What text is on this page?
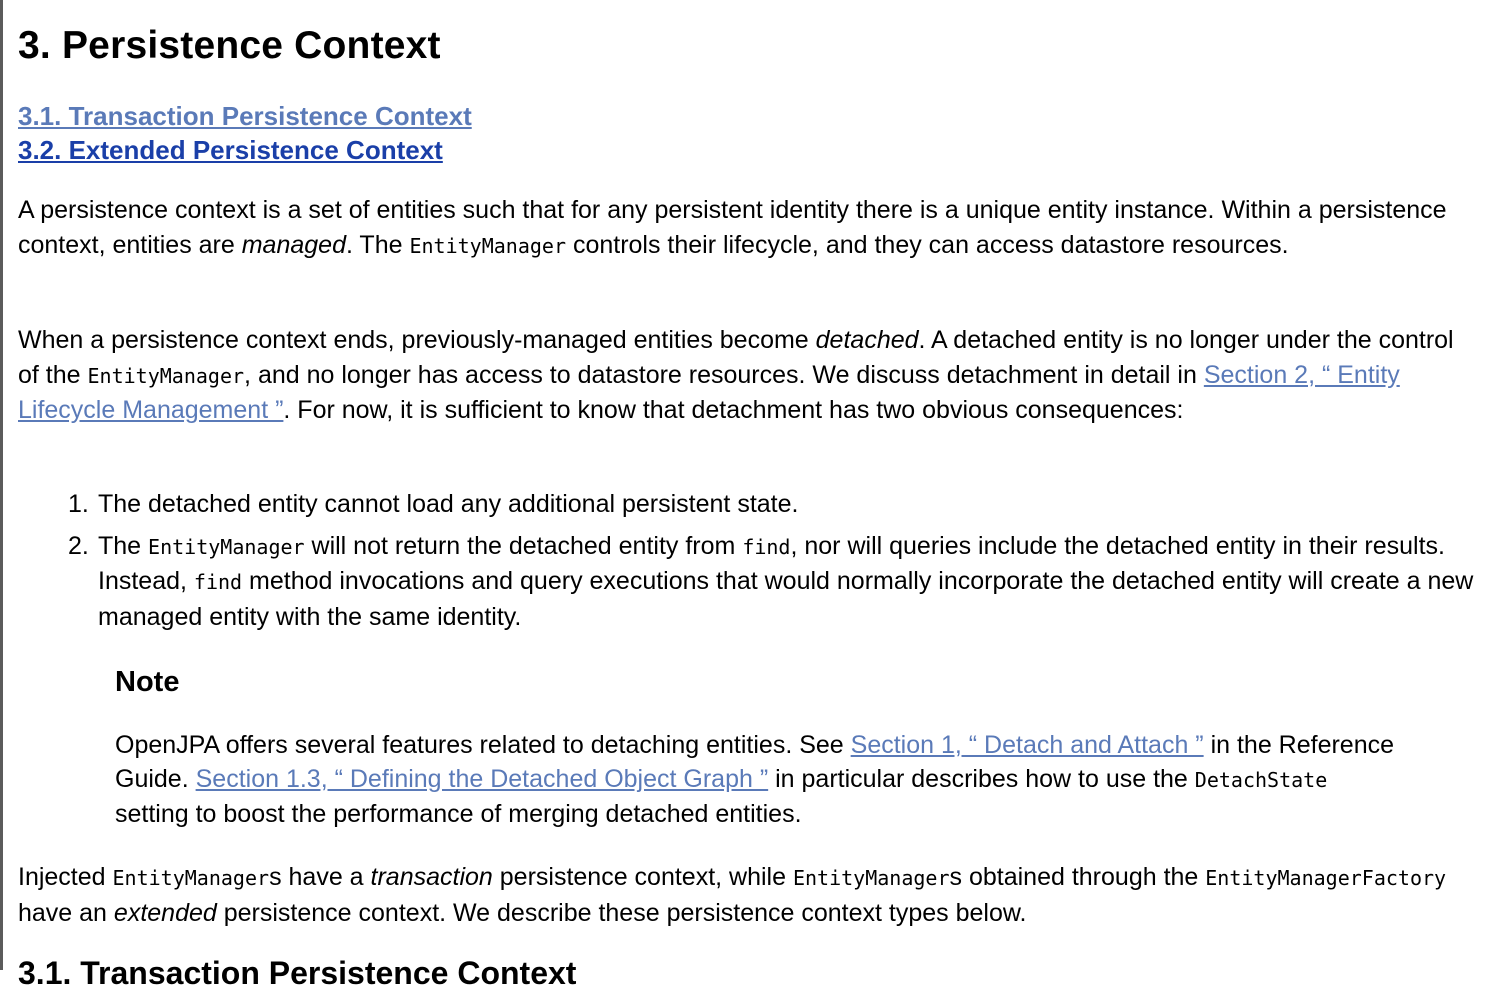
3. Persistence Context
3.1. Transaction Persistence Context
3.2. Extended Persistence Context

A persistence context is a set of entities such that for any persistent identity there is a unique entity instance. Within a persistence context, entities are managed. The EntityManager controls their lifecycle, and they can access datastore resources.

When a persistence context ends, previously-managed entities become detached. A detached entity is no longer under the control of the EntityManager, and no longer has access to datastore resources. We discuss detachment in detail in Section 2, “ Entity Lifecycle Management ”. For now, it is sufficient to know that detachment has two obvious consequences:

1. The detached entity cannot load any additional persistent state.
2. The EntityManager will not return the detached entity from find, nor will queries include the detached entity in their results. Instead, find method invocations and query executions that would normally incorporate the detached entity will create a new managed entity with the same identity.
Note

OpenJPA offers several features related to detaching entities. See Section 1, “ Detach and Attach ” in the Reference Guide. Section 1.3, “ Defining the Detached Object Graph ” in particular describes how to use the DetachState setting to boost the performance of merging detached entities.

Injected EntityManagers have a transaction persistence context, while EntityManagers obtained through the EntityManagerFactory have an extended persistence context. We describe these persistence context types below.

3.1. Transaction Persistence Context
